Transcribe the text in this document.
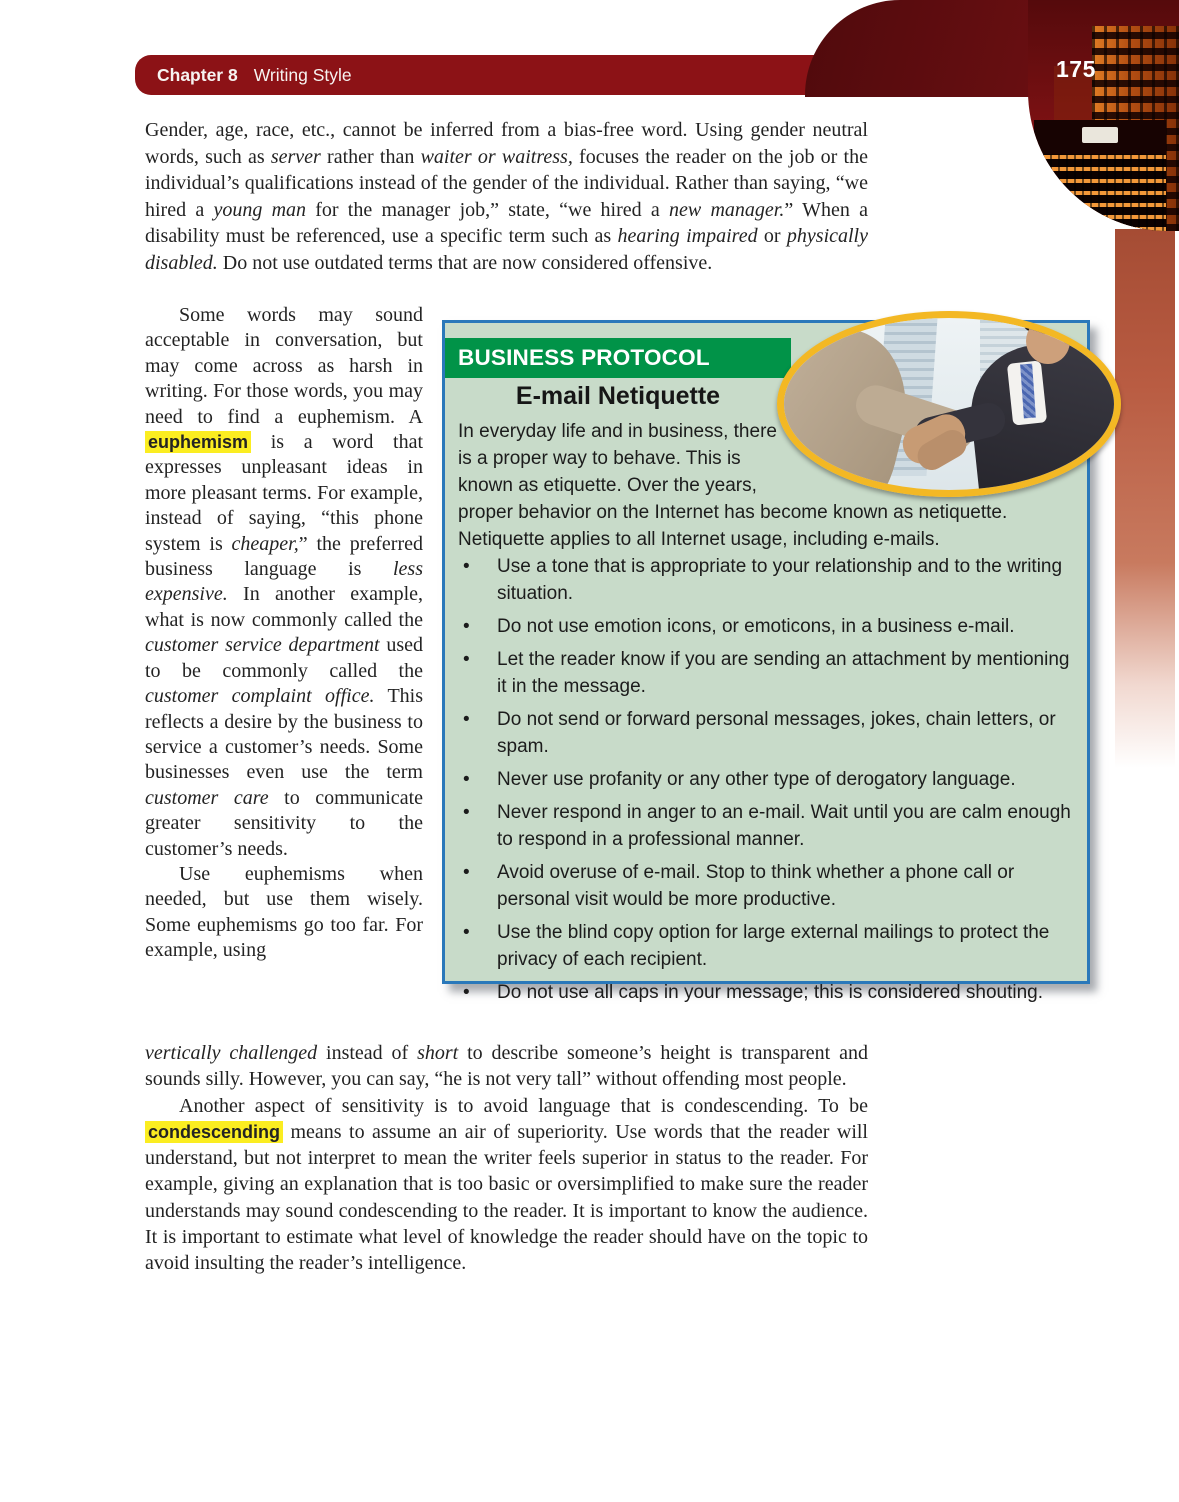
Chapter 8 Writing Style	175

Gender, age, race, etc., cannot be inferred from a bias-free word. Using gender neutral words, such as server rather than waiter or waitress, focuses the reader on the job or the individual’s qualifications instead of the gender of the individual. Rather than saying, “we hired a young man for the manager job,” state, “we hired a new manager.” When a disability must be referenced, use a specific term such as hearing impaired or physically disabled. Do not use outdated terms that are now considered offensive.

Some words may sound acceptable in conversation, but may come across as harsh in writing. For those words, you may need to find a euphemism. A euphemism is a word that expresses unpleasant ideas in more pleasant terms. For example, instead of saying, “this phone system is cheaper,” the preferred business language is less expensive. In another example, what is now commonly called the customer service department used to be commonly called the customer complaint office. This reflects a desire by the business to service a customer’s needs. Some businesses even use the term customer care to communicate greater sensitivity to the customer’s needs.

Use euphemisms when needed, but use them wisely. Some euphemisms go too far. For example, using

vertically challenged instead of short to describe someone’s height is transparent and sounds silly. However, you can say, “he is not very tall” without offending most people.

Another aspect of sensitivity is to avoid language that is condescending. To be condescending means to assume an air of superiority. Use words that the reader will understand, but not interpret to mean the writer feels superior in status to the reader. For example, giving an explanation that is too basic or oversimplified to make sure the reader understands may sound condescending to the reader. It is important to know the audience. It is important to estimate what level of knowledge the reader should have on the topic to avoid insulting the reader’s intelligence.

BUSINESS PROTOCOL
E-mail Netiquette
In everyday life and in business, there is a proper way to behave. This is known as etiquette. Over the years, proper behavior on the Internet has become known as netiquette. Netiquette applies to all Internet usage, including e-mails.
•	Use a tone that is appropriate to your relationship and to the writing situation.
•	Do not use emotion icons, or emoticons, in a business e-mail.
•	Let the reader know if you are sending an attachment by mentioning it in the message.
•	Do not send or forward personal messages, jokes, chain letters, or spam.
•	Never use profanity or any other type of derogatory language.
•	Never respond in anger to an e-mail. Wait until you are calm enough to respond in a professional manner.
•	Avoid overuse of e-mail. Stop to think whether a phone call or personal visit would be more productive.
•	Use the blind copy option for large external mailings to protect the privacy of each recipient.
•	Do not use all caps in your message; this is considered shouting.
